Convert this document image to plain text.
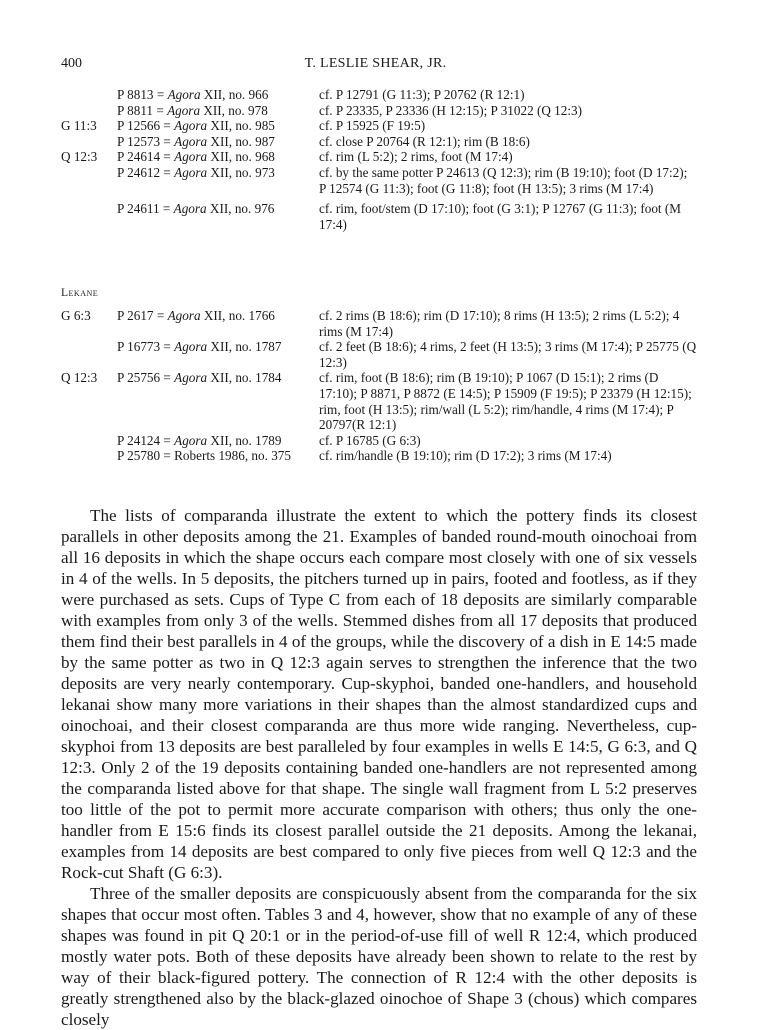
400	T. LESLIE SHEAR, JR.
P 8813 = Agora XII, no. 966	cf. P 12791 (G 11:3); P 20762 (R 12:1)
P 8811 = Agora XII, no. 978	cf. P 23335, P 23336 (H 12:15); P 31022 (Q 12:3)
G 11:3	P 12566 = Agora XII, no. 985	cf. P 15925 (F 19:5)
P 12573 = Agora XII, no. 987	cf. close P 20764 (R 12:1); rim (B 18:6)
Q 12:3	P 24614 = Agora XII, no. 968	cf. rim (L 5:2); 2 rims, foot (M 17:4)
P 24612 = Agora XII, no. 973	cf. by the same potter P 24613 (Q 12:3); rim (B 19:10); foot (D 17:2); P 12574 (G 11:3); foot (G 11:8); foot (H 13:5); 3 rims (M 17:4)
P 24611 = Agora XII, no. 976	cf. rim, foot/stem (D 17:10); foot (G 3:1); P 12767 (G 11:3); foot (M 17:4)
Lekane
G 6:3	P 2617 = Agora XII, no. 1766	cf. 2 rims (B 18:6); rim (D 17:10); 8 rims (H 13:5); 2 rims (L 5:2); 4 rims (M 17:4)
P 16773 = Agora XII, no. 1787	cf. 2 feet (B 18:6); 4 rims, 2 feet (H 13:5); 3 rims (M 17:4); P 25775 (Q 12:3)
Q 12:3	P 25756 = Agora XII, no. 1784	cf. rim, foot (B 18:6); rim (B 19:10); P 1067 (D 15:1); 2 rims (D 17:10); P 8871, P 8872 (E 14:5); P 15909 (F 19:5); P 23379 (H 12:15); rim, foot (H 13:5); rim/wall (L 5:2); rim/handle, 4 rims (M 17:4); P 20797(R 12:1)
P 24124 = Agora XII, no. 1789	cf. P 16785 (G 6:3)
P 25780 = Roberts 1986, no. 375	cf. rim/handle (B 19:10); rim (D 17:2); 3 rims (M 17:4)

The lists of comparanda illustrate the extent to which the pottery finds its closest parallels in other deposits among the 21. Examples of banded round-mouth oinochoai from all 16 deposits in which the shape occurs each compare most closely with one of six vessels in 4 of the wells. In 5 deposits, the pitchers turned up in pairs, footed and footless, as if they were purchased as sets. Cups of Type C from each of 18 deposits are similarly comparable with examples from only 3 of the wells. Stemmed dishes from all 17 deposits that produced them find their best parallels in 4 of the groups, while the discovery of a dish in E 14:5 made by the same potter as two in Q 12:3 again serves to strengthen the inference that the two deposits are very nearly contemporary. Cup-skyphoi, banded one-handlers, and household lekanai show many more variations in their shapes than the almost standardized cups and oinochoai, and their closest comparanda are thus more wide ranging. Nevertheless, cup-skyphoi from 13 deposits are best paralleled by four examples in wells E 14:5, G 6:3, and Q 12:3. Only 2 of the 19 deposits containing banded one-handlers are not represented among the comparanda listed above for that shape. The single wall fragment from L 5:2 preserves too little of the pot to permit more accurate comparison with others; thus only the one-handler from E 15:6 finds its closest parallel outside the 21 deposits. Among the lekanai, examples from 14 deposits are best compared to only five pieces from well Q 12:3 and the Rock-cut Shaft (G 6:3).

Three of the smaller deposits are conspicuously absent from the comparanda for the six shapes that occur most often. Tables 3 and 4, however, show that no example of any of these shapes was found in pit Q 20:1 or in the period-of-use fill of well R 12:4, which produced mostly water pots. Both of these deposits have already been shown to relate to the rest by way of their black-figured pottery. The connection of R 12:4 with the other deposits is greatly strengthened also by the black-glazed oinochoe of Shape 3 (chous) which compares closely
